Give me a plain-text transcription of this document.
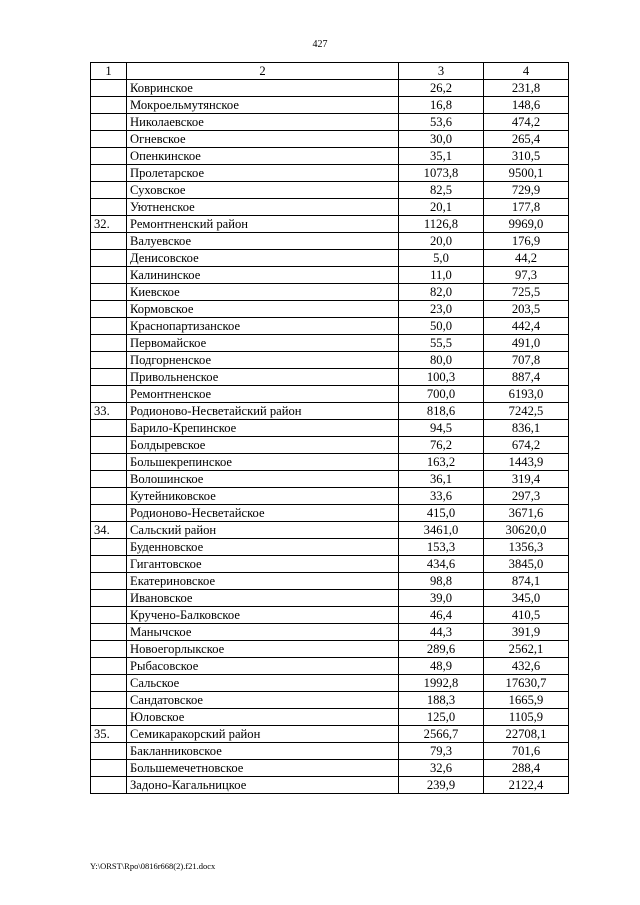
427
1	2	3	4
	Ковринское	26,2	231,8
	Мокроельмутянское	16,8	148,6
	Николаевское	53,6	474,2
	Огневское	30,0	265,4
	Опенкинское	35,1	310,5
	Пролетарское	1073,8	9500,1
	Суховское	82,5	729,9
	Уютненское	20,1	177,8
32.	Ремонтненский район	1126,8	9969,0
	Валуевское	20,0	176,9
	Денисовское	5,0	44,2
	Калининское	11,0	97,3
	Киевское	82,0	725,5
	Кормовское	23,0	203,5
	Краснопартизанское	50,0	442,4
	Первомайское	55,5	491,0
	Подгорненское	80,0	707,8
	Привольненское	100,3	887,4
	Ремонтненское	700,0	6193,0
33.	Родионово-Несветайский район	818,6	7242,5
	Барило-Крепинское	94,5	836,1
	Болдыревское	76,2	674,2
	Большекрепинское	163,2	1443,9
	Волошинское	36,1	319,4
	Кутейниковское	33,6	297,3
	Родионово-Несветайское	415,0	3671,6
34.	Сальский район	3461,0	30620,0
	Буденновское	153,3	1356,3
	Гигантовское	434,6	3845,0
	Екатериновское	98,8	874,1
	Ивановское	39,0	345,0
	Кручено-Балковское	46,4	410,5
	Манычское	44,3	391,9
	Новоегорлыкское	289,6	2562,1
	Рыбасовское	48,9	432,6
	Сальское	1992,8	17630,7
	Сандатовское	188,3	1665,9
	Юловское	125,0	1105,9
35.	Семикаракорский район	2566,7	22708,1
	Бакланниковское	79,3	701,6
	Большемечетновское	32,6	288,4
	Задоно-Кагальницкое	239,9	2122,4
Y:\ORST\Rpo\0816r668(2).f21.docx
